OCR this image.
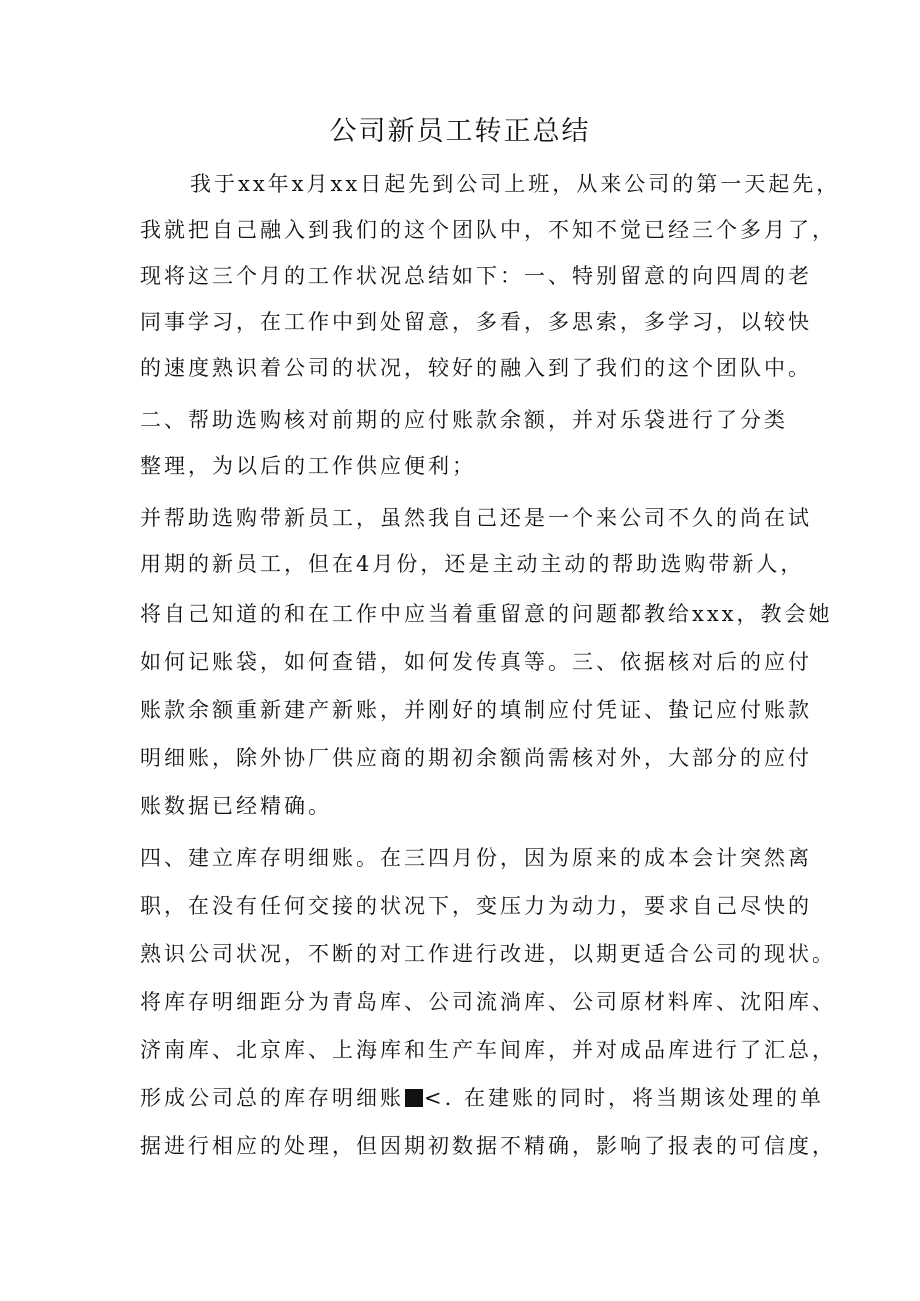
公司新员工转正总结
我于xx年x月xx日起先到公司上班，从来公司的第一天起先，
我就把自己融入到我们的这个团队中，不知不觉已经三个多月了，
现将这三个月的工作状况总结如下：一、特别留意的向四周的老
同事学习，在工作中到处留意，多看，多思索，多学习，以较快
的速度熟识着公司的状况，较好的融入到了我们的这个团队中。
二、帮助选购核对前期的应付账款余额，并对乐袋进行了分类
整理，为以后的工作供应便利；
并帮助选购带新员工，虽然我自己还是一个来公司不久的尚在试
用期的新员工，但在4月份，还是主动主动的帮助选购带新人，
将自己知道的和在工作中应当着重留意的问题都教给xxx，教会她
如何记账袋，如何查错，如何发传真等。三、依据核对后的应付
账款余额重新建产新账，并刚好的填制应付凭证、蛰记应付账款
明细账，除外协厂供应商的期初余额尚需核对外，大部分的应付
账数据已经精确。
四、建立库存明细账。在三四月份，因为原来的成本会计突然离
职，在没有任何交接的状况下，变压力为动力，要求自己尽快的
熟识公司状况，不断的对工作进行改进，以期更适合公司的现状。
将库存明细距分为青岛库、公司流淌库、公司原材料库、沈阳库、
济南库、北京库、上海库和生产车间库，并对成品库进行了汇总，
形成公司总的库存明细账 <. 在建账的同时，将当期该处理的单
据进行相应的处理，但因期初数据不精确，影响了报表的可信度，
